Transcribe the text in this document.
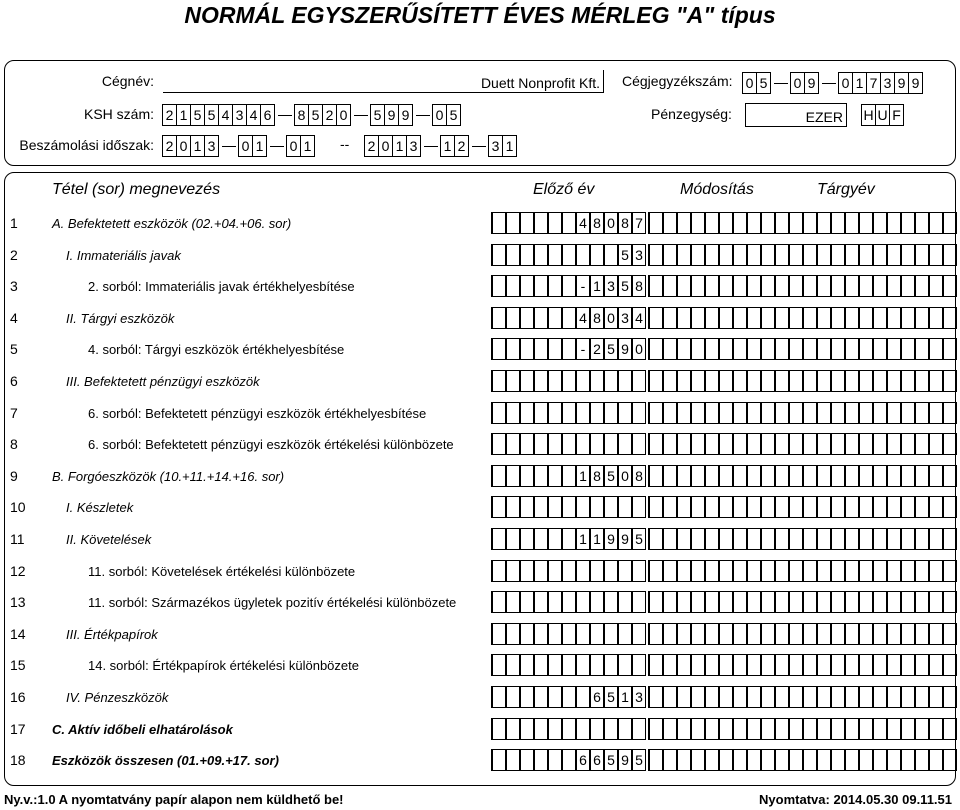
NORMÁL EGYSZERŰSÍTETT ÉVES MÉRLEG "A" típus
Cégnév:	Duett Nonprofit Kft. Cégjegyzékszám: 0 5 0 9 0 1 7 3 9 9
KSH szám: 2 1 5 5 4 3 4 6 8 5 2 0 5 9 9 0 5	Pénzegység:	EZER H U F
Beszámolási időszak: 2 0 1 3 0 1 0 1 -- 2 0 1 3 1 2 3 1
Tétel (sor) megnevezés	Előző év	Módosítás	Tárgyév
1	A. Befektetett eszközök (02.+04.+06. sor)	4 8 0 8 7
2	I. Immateriális javak	5 3
3	2. sorból: Immateriális javak értékhelyesbítése	- 1 3 5 8
4	II. Tárgyi eszközök	4 8 0 3 4
5	4. sorból: Tárgyi eszközök értékhelyesbítése	- 2 5 9 0
6	III. Befektetett pénzügyi eszközök
7	6. sorból: Befektetett pénzügyi eszközök értékhelyesbítése
8	6. sorból: Befektetett pénzügyi eszközök értékelési különbözete
9	B. Forgóeszközök (10.+11.+14.+16. sor)	1 8 5 0 8
10	I. Készletek
11	II. Követelések	1 1 9 9 5
12	11. sorból: Követelések értékelési különbözete
13	11. sorból: Származékos ügyletek pozitív értékelési különbözete
14	III. Értékpapírok
15	14. sorból: Értékpapírok értékelési különbözete
16	IV. Pénzeszközök	6 5 1 3
17	C. Aktív időbeli elhatárolások
18	Eszközök összesen (01.+09.+17. sor)	6 6 5 9 5
Ny.v.:1.0 A nyomtatvány papír alapon nem küldhető be!	Nyomtatva: 2014.05.30 09.11.51
